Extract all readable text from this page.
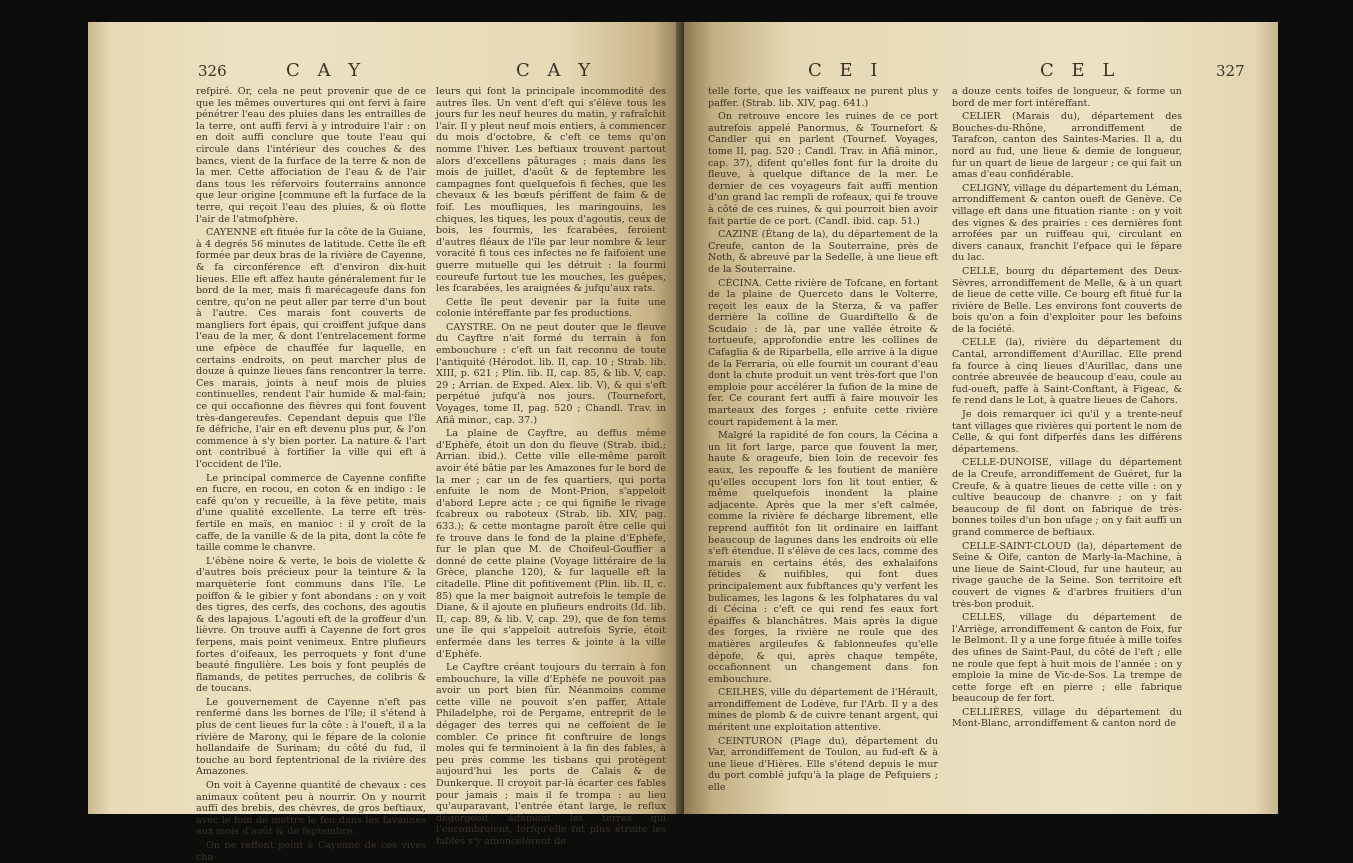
326	C A Y	C A Y

refpiré. Or, cela ne peut provenir que de ce que les mêmes ouvertures qui ont fervi à faire pénétrer l'eau des pluies dans les entrailles de la terre, ont auffi fervi à y introduire l'air : on en doit auffi conclure que toute l'eau qui circule dans l'intérieur des couches & des bancs, vient de la furface de la terre & non de la mer. Cette affociation de l'eau & de l'air dans tous les réfervoirs fouterrains annonce que leur origine [commune eft la furface de la terre, qui reçoit l'eau des pluies, & où flotte l'air de l'atmofphère.

CAYENNE eft fituée fur la côte de la Guiane, à 4 degrés 56 minutes de latitude. Cette île eft formée par deux bras de la rivière de Cayenne, & fa circonférence eft d'environ dix-huit lieues. Elle eft affez haute généralement fur le bord de la mer, mais fi marécageufe dans fon centre, qu'on ne peut aller par terre d'un bout à l'autre. Ces marais font couverts de mangliers fort épais, qui croiffent jufque dans l'eau de la mer, & dont l'entrelacement forme une efpèce de chauffée fur laquelle, en certains endroits, on peut marcher plus de douze à quinze lieues fans rencontrer la terre. Ces marais, joints à neuf mois de pluies continuelles, rendent l'air humide & mal-fain; ce qui occafionne des fièvres qui font fouvent très-dangereufes. Cependant depuis que l'île fe défriche, l'air en eft devenu plus pur, & l'on commence à s'y bien porter. La nature & l'art ont contribué à fortifier la ville qui eft à l'occident de l'île.

Le principal commerce de Cayenne confifte en fucre, en rocou, en coton & en indigo : le café qu'on y recueille, à la fève petite, mais d'une qualité excellente. La terre eft très-fertile en maïs, en manioc : il y croît de la caffe, de la vanille & de la pita, dont la côte fe taille comme le chanvre.

L'ébène noire & verte, le bois de violette & d'autres bois précieux pour la teinture & la marquèterie font communs dans l'île. Le poiffon & le gibier y font abondans : on y voit des tigres, des cerfs, des cochons, des agoutis & des lapajous. L'agouti eft de la groffeur d'un lièvre. On trouve auffi à Cayenne de fort gros ferpens, mais point venimeux. Entre plufieurs fortes d'oifeaux, les perroquets y font d'une beauté fingulière. Les bois y font peuplés de flamands, de petites perruches, de colibris & de toucans.

Le gouvernement de Cayenne n'eft pas renfermé dans les bornes de l'île; il s'étend à plus de cent lieues fur la côte : à l'oueft, il a la rivière de Marony, qui le fépare de la colonie hollandaife de Surinam; du côté du fud, il touche au bord feptentrional de la rivière des Amazones.

On voit à Cayenne quantité de chevaux : ces animaux coûtent peu à nourrir. On y nourrit auffi des brebis, des chèvres, de gros beftiaux, avec le foin de mettre le feu dans les favannes aux mois d'août & de feptembre.

On ne reffent point à Cayenne de ces vives cha-

leurs qui font la principale incommodité des autres îles. Un vent d'eft qui s'élève tous les jours fur les neuf heures du matin, y rafraîchit l'air. Il y pleut neuf mois entiers, à commencer du mois d'octobre, & c'eft ce tems qu'on nomme l'hiver. Les beftiaux trouvent partout alors d'excellens pâturages ; mais dans les mois de juillet, d'août & de feptembre les campagnes font quelquefois fi fèches, que les chevaux & les bœufs périffent de faim & de foif. Les moufliques, les maringouins, les chiques, les tiques, les poux d'agoutis, ceux de bois, les fourmis, les fcarabées, feroient d'autres fléaux de l'île par leur nombre & leur voracité fi tous ces infectes ne fe faifoient une guerre mutuelle qui les détruit : la fourmi coureufe furtout tue les mouches, les guêpes, les fcarabées, les araignées & jufqu'aux rats.

Cette île peut devenir par la fuite une colonie intéreffante par fes productions.

CAYSTRE. On ne peut douter que le fleuve du Cayftre n'ait formé du terrain à fon embouchure : c'eft un fait reconnu de toute l'antiquité (Hérodot. lib. II, cap. 10 ; Strab. lib. XIII, p. 621 ; Plin. lib. II, cap. 85, & lib. V, cap. 29 ; Arrian. de Exped. Alex. lib. V), & qui s'eft perpétué jufqu'à nos jours. (Tournefort, Voyages, tome II, pag. 520 ; Chandl. Trav. in Afiâ minor., cap. 37.)

La plaine de Cayftre, au deffus même d'Ephèfe, étoit un don du fleuve (Strab. ibid.; Arrian. ibid.). Cette ville elle-même paroît avoir été bâtie par les Amazones fur le bord de la mer ; car un de fes quartiers, qui porta enfuite le nom de Mont-Prion, s'appeloit d'abord Lepre acte ; ce qui fignifie le rivage fcabreux ou raboteux (Strab. lib. XIV, pag. 633.); & cette montagne paroît être celle qui fe trouve dans le fond de la plaine d'Ephèfe, fur le plan que M. de Choifeul-Gouffier a donné de cette plaine (Voyage littéraire de la Grèce, planche 120), & fur laquelle eft la citadelle. Pline dit pofitivement (Plin. lib. II, c. 85) que la mer baignoit autrefois le temple de Diane, & il ajoute en plufieurs endroits (Id. lib. II, cap. 89, & lib. V, cap. 29), que de fon tems une île qui s'appeloit autrefois Syrie, étoit enfermée dans les terres & jointe à la ville d'Ephèfe.

Le Cayftre créant toujours du terrain à fon embouchure, la ville d'Ephèfe ne pouvoit pas avoir un port bien fûr. Néanmoins comme cette ville ne pouvoit s'en paffer, Attale Philadelphe, roi de Pergame, entreprit de le dégager des terres qui ne ceffoient de le combler. Ce prince fit conftruire de longs moles qui fe terminoient à la fin des fables, à peu près comme les tisbans qui protègent aujourd'hui les ports de Calais & de Dunkerque. Il croyoit par-là écarter ces fables pour jamais ; mais il fe trompa : au lieu qu'auparavant, l'entrée étant large, le reflux dégorgeoit aifément les terres qui l'encombroient, lorfqu'elle fut plus étroite les fables s'y amoncelèrent de

C E I	C E L	327

telle forte, que les vaiffeaux ne purent plus y paffer. (Strab. lib. XIV, pag. 641.)

On retrouve encore les ruines de ce port autrefois appelé Panormus, & Tournefort & Candler qui en parlent (Tournef. Voyages, tome II, pag. 520 ; Candl. Trav. in Afiâ minor., cap. 37), difent qu'elles font fur la droite du fleuve, à quelque diftance de la mer. Le dernier de ces voyageurs fait auffi mention d'un grand lac rempli de rofeaux, qui fe trouve à côté de ces ruines, & qui pourroit bien avoir fait partie de ce port. (Candl. ibid. cap. 51.)

CAZINE (Étang de la), du département de la Creufe, canton de la Souterraine, près de Noth, & abreuvé par la Sedelle, à une lieue eft de la Souterraine.

CÉCINA. Cette rivière de Tofcane, en fortant de la plaine de Querceto dans le Volterre, reçoit les eaux de la Sterza, & va paffer derrière la colline de Guardiftello & de Scudaio : de là, par une vallée étroite & tortueufe, approfondie entre les collines de Cafaglia & de Riparbella, elle arrive à la digue de la Ferraria, où elle fournit un courant d'eau dont la chute produit un vent très-fort que l'on emploie pour accélérer la fufion de la mine de fer. Ce courant fert auffi à faire mouvoir les marteaux des forges ; enfuite cette rivière court rapidement à la mer.

Malgré la rapidité de fon cours, la Cécina a un lit fort large, parce que fouvent la mer, haute & orageufe, bien loin de recevoir fes eaux, les repouffe & les foutient de manière qu'elles occupent lors fon lit tout entier, & même quelquefois inondent la plaine adjacente. Après que la mer s'eft calmée, comme la rivière fe décharge librement, elle reprend auffitôt fon lit ordinaire en laiffant beaucoup de lagunes dans les endroits où elle s'eft étendue. Il s'élève de ces lacs, comme des marais en certains étés, des exhalaifons fétides & nuifibles, qui font dues principalement aux fubftances qu'y verfent les bulicames, les lagons & les folphatares du val di Cécina : c'eft ce qui rend fes eaux fort épaiffes & blanchâtres. Mais après la digue des forges, la rivière ne roule que des matières argileufes & fablonneufes qu'elle dépofe, & qui, après chaque tempête, occafionnent un changement dans fon embouchure.

CEILHES, ville du département de l'Hérault, arrondiffement de Lodève, fur l'Arb. Il y a des mines de plomb & de cuivre tenant argent, qui méritent une exploitation attentive.

CEINTURON (Plage du), département du Var, arrondiffement de Toulon, au fud-eft & à une lieue d'Hières. Elle s'étend depuis le mur du port comblé jufqu'à la plage de Pefquiers ; elle

a douze cents toifes de longueur, & forme un bord de mer fort intéreffant.

CELIER (Marais du), département des Bouches-du-Rhône, arrondiffement de Tarafcon, canton des Saintes-Maries. Il a, du nord au fud, une lieue & demie de longueur, fur un quart de lieue de largeur ; ce qui fait un amas d'eau confidérable.

CELIGNY, village du département du Léman, arrondiffement & canton oueft de Genève. Ce village eft dans une fituation riante : on y voit des vignes & des prairies : ces dernières font arrofées par un ruiffeau qui, circulant en divers canaux, franchit l'efpace qui le fépare du lac.

CELLE, bourg du département des Deux-Sèvres, arrondiffement de Melle, & à un quart de lieue de cette ville. Ce bourg eft fitué fur la rivière de Belle. Les environs font couverts de bois qu'on a foin d'exploiter pour les befoins de la fociété.

CELLE (la), rivière du département du Cantal, arrondiffement d'Aurillac. Elle prend fa fource à cinq lieues d'Aurillac, dans une contrée abreuvée de beaucoup d'eau, coule au fud-oueft, paffe à Saint-Conftant, à Figeac, & fe rend dans le Lot, à quatre lieues de Cahors.

Je dois remarquer ici qu'il y a trente-neuf tant villages que rivières qui portent le nom de Celle, & qui font difperfés dans les différens départemens.

CELLE-DUNOISE, village du département de la Creufe, arrondiffement de Guéret, fur la Creufe, & à quatre lieues de cette ville : on y cultive beaucoup de chanvre ; on y fait beaucoup de fil dont on fabrique de très-bonnes toiles d'un bon ufage ; on y fait auffi un grand commerce de beftiaux.

CELLE-SAINT-CLOUD (la), département de Seine & Oife, canton de Marly-la-Machine, à une lieue de Saint-Cloud, fur une hauteur, au rivage gauche de la Seine. Son territoire eft couvert de vignes & d'arbres fruitiers d'un très-bon produit.

CELLES, village du département de l'Arriège, arrondiffement & canton de Foix, fur le Belmont. Il y a une forge fituée à mille toifes des ufines de Saint-Paul, du côté de l'eft ; elle ne roule que fept à huit mois de l'année : on y emploie la mine de Vic-de-Sos. La trempe de cette forge eft en pierre ; elle fabrique beaucoup de fer fort.

CELLIÈRES, village du département du Mont-Blanc, arrondiffement & canton nord de
